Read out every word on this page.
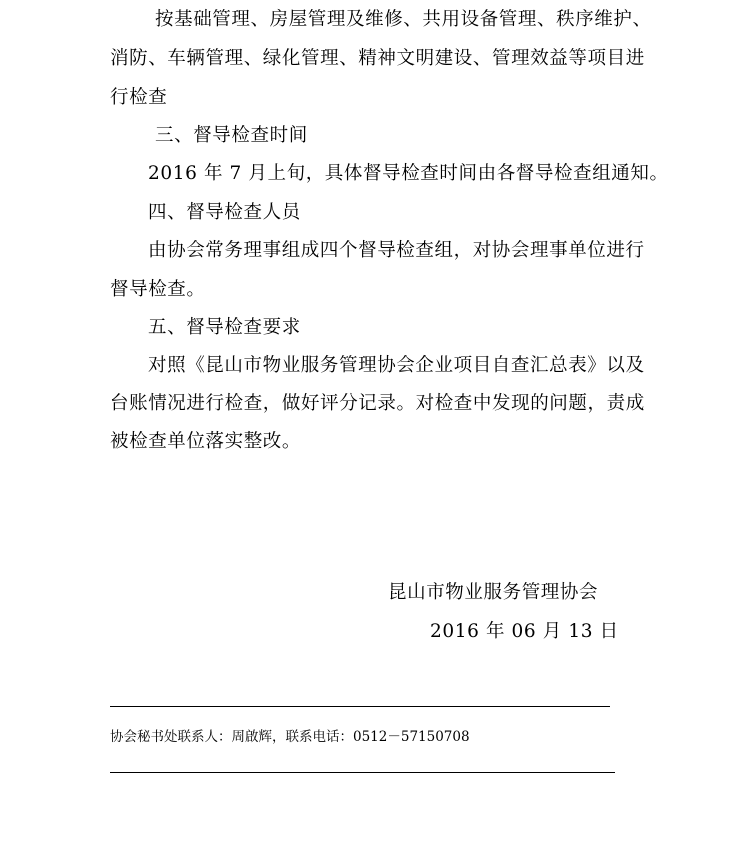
按基础管理、房屋管理及维修、共用设备管理、秩序维护、
消防、车辆管理、绿化管理、精神文明建设、管理效益等项目进
行检查
三、督导检查时间
2016 年 7 月上旬，具体督导检查时间由各督导检查组通知。
四、督导检查人员
由协会常务理事组成四个督导检查组，对协会理事单位进行
督导检查。
五、督导检查要求
对照《昆山市物业服务管理协会企业项目自查汇总表》以及
台账情况进行检查，做好评分记录。对检查中发现的问题，责成
被检查单位落实整改。
昆山市物业服务管理协会
2016 年 06 月 13 日
协会秘书处联系人：周啟辉，联系电话：0512－57150708
